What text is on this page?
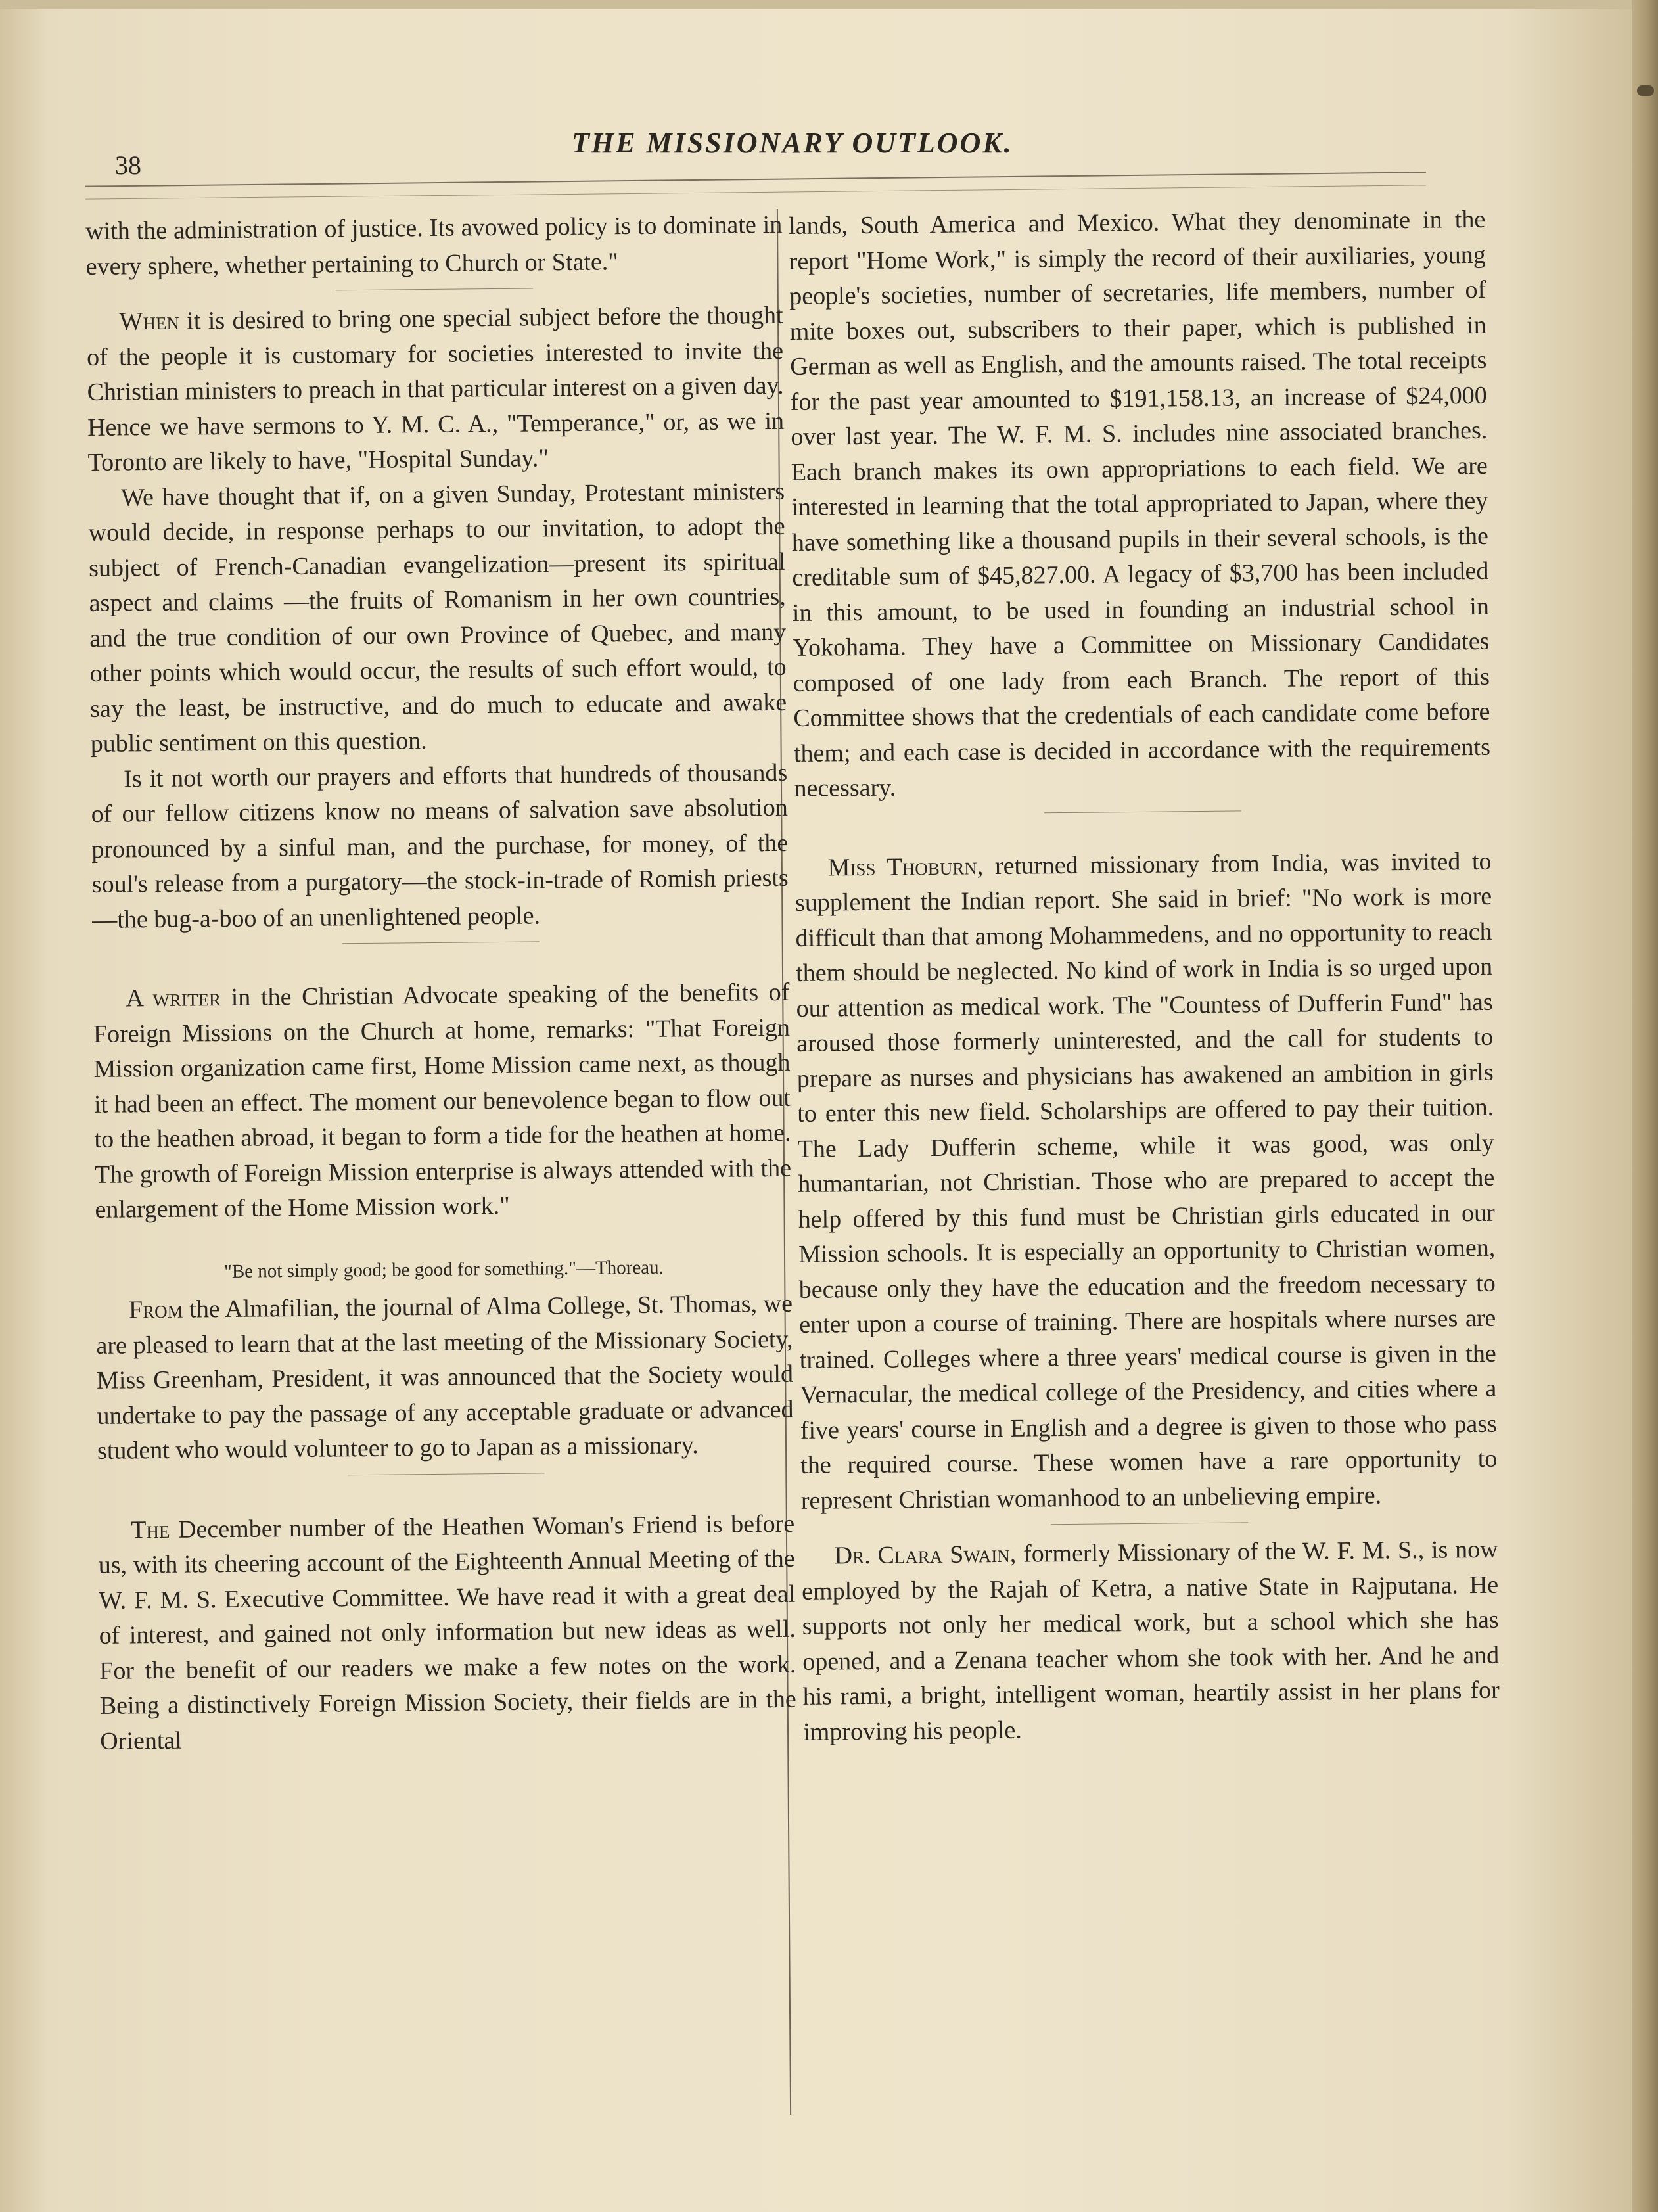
38
THE MISSIONARY OUTLOOK.

with the administration of justice. Its avowed policy is to dominate in every sphere, whether pertaining to Church or State."

When it is desired to bring one special subject before the thought of the people it is customary for societies interested to invite the Christian ministers to preach in that particular interest on a given day. Hence we have sermons to Y. M. C. A., "Temperance," or, as we in Toronto are likely to have, "Hospital Sunday."

We have thought that if, on a given Sunday, Protestant ministers would decide, in response perhaps to our invitation, to adopt the subject of French-Canadian evangelization—present its spiritual aspect and claims —the fruits of Romanism in her own countries, and the true condition of our own Province of Quebec, and many other points which would occur, the results of such effort would, to say the least, be instructive, and do much to educate and awake public sentiment on this question.

Is it not worth our prayers and efforts that hundreds of thousands of our fellow citizens know no means of salvation save absolution pronounced by a sinful man, and the purchase, for money, of the soul's release from a purgatory—the stock-in-trade of Romish priests—the bug-a-boo of an unenlightened people.

A writer in the Christian Advocate speaking of the benefits of Foreign Missions on the Church at home, remarks: "That Foreign Mission organization came first, Home Mission came next, as though it had been an effect. The moment our benevolence began to flow out to the heathen abroad, it began to form a tide for the heathen at home. The growth of Foreign Mission enterprise is always attended with the enlargement of the Home Mission work."

"Be not simply good; be good for something."—Thoreau.

From the Almafilian, the journal of Alma College, St. Thomas, we are pleased to learn that at the last meeting of the Missionary Society, Miss Greenham, President, it was announced that the Society would undertake to pay the passage of any acceptable graduate or advanced student who would volunteer to go to Japan as a missionary.

The December number of the Heathen Woman's Friend is before us, with its cheering account of the Eighteenth Annual Meeting of the W. F. M. S. Executive Committee. We have read it with a great deal of interest, and gained not only information but new ideas as well. For the benefit of our readers we make a few notes on the work. Being a distinctively Foreign Mission Society, their fields are in the Oriental

lands, South America and Mexico. What they denominate in the report "Home Work," is simply the record of their auxiliaries, young people's societies, number of secretaries, life members, number of mite boxes out, subscribers to their paper, which is published in German as well as English, and the amounts raised. The total receipts for the past year amounted to $191,158.13, an increase of $24,000 over last year. The W. F. M. S. includes nine associated branches. Each branch makes its own appropriations to each field. We are interested in learning that the total appropriated to Japan, where they have something like a thousand pupils in their several schools, is the creditable sum of $45,827.00. A legacy of $3,700 has been included in this amount, to be used in founding an industrial school in Yokohama. They have a Committee on Missionary Candidates composed of one lady from each Branch. The report of this Committee shows that the credentials of each candidate come before them; and each case is decided in accordance with the requirements necessary.

Miss Thoburn, returned missionary from India, was invited to supplement the Indian report. She said in brief: "No work is more difficult than that among Mohammedens, and no opportunity to reach them should be neglected. No kind of work in India is so urged upon our attention as medical work. The "Countess of Dufferin Fund" has aroused those formerly uninterested, and the call for students to prepare as nurses and physicians has awakened an ambition in girls to enter this new field. Scholarships are offered to pay their tuition. The Lady Dufferin scheme, while it was good, was only humantarian, not Christian. Those who are prepared to accept the help offered by this fund must be Christian girls educated in our Mission schools. It is especially an opportunity to Christian women, because only they have the education and the freedom necessary to enter upon a course of training. There are hospitals where nurses are trained. Colleges where a three years' medical course is given in the Vernacular, the medical college of the Presidency, and cities where a five years' course in English and a degree is given to those who pass the required course. These women have a rare opportunity to represent Christian womanhood to an unbelieving empire.

Dr. Clara Swain, formerly Missionary of the W. F. M. S., is now employed by the Rajah of Ketra, a native State in Rajputana. He supports not only her medical work, but a school which she has opened, and a Zenana teacher whom she took with her. And he and his rami, a bright, intelligent woman, heartily assist in her plans for improving his people.
